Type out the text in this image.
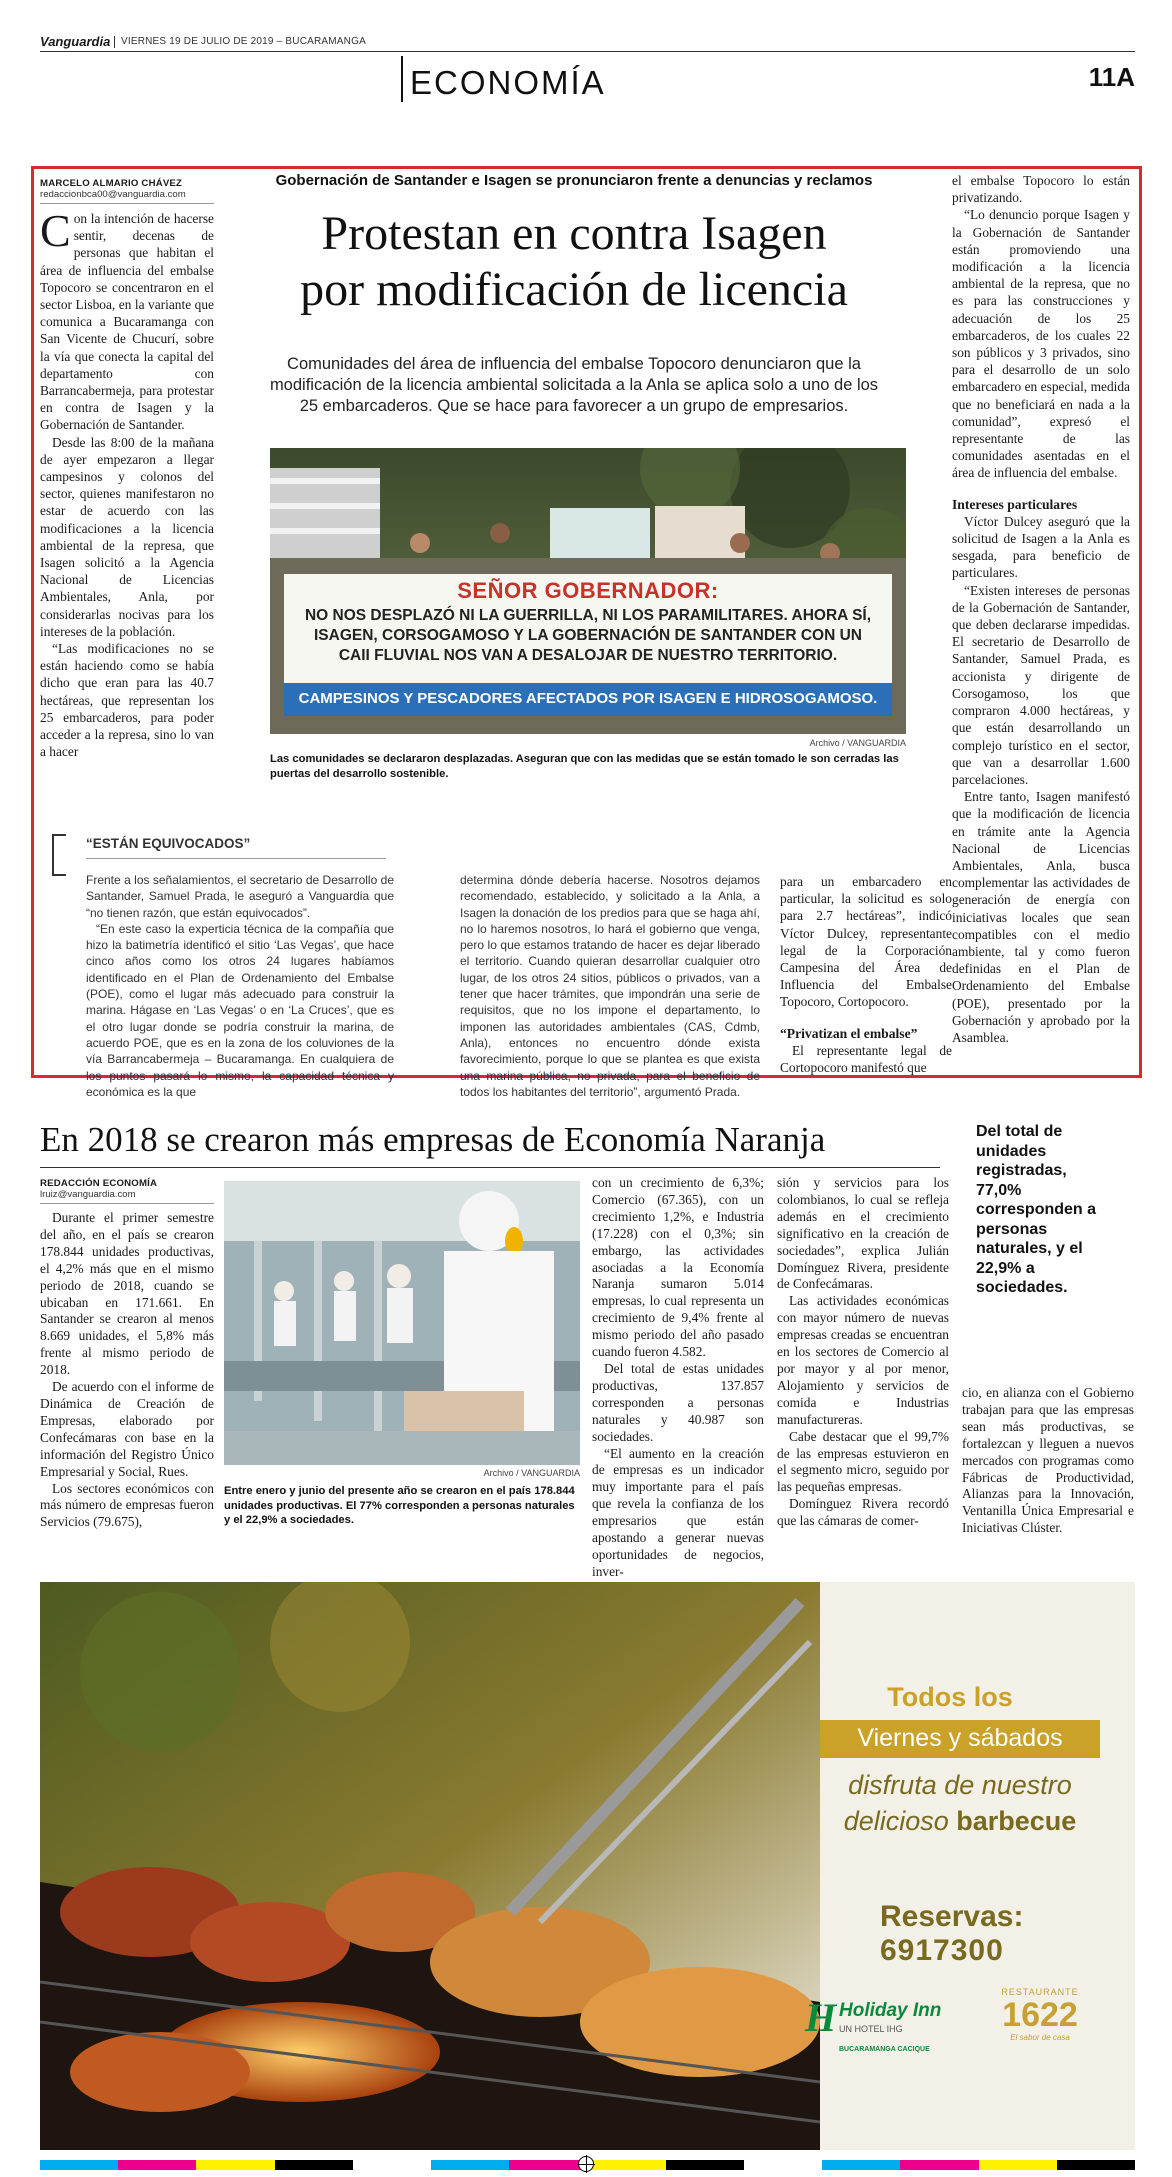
Vanguardia VIERNES 19 DE JULIO DE 2019 – BUCARAMANGA
ECONOMÍA	11A
MARCELO ALMARIO CHÁVEZ
redaccionbca00@vanguardia.com

Con la intención de hacerse sentir, decenas de personas que habitan el área de influencia del embalse Topocoro se concentraron en el sector Lisboa, en la variante que comunica a Bucaramanga con San Vicente de Chucurí, sobre la vía que conecta la capital del departamento con Barrancabermeja, para protestar en contra de Isagen y la Gobernación de Santander.

Desde las 8:00 de la mañana de ayer empezaron a llegar campesinos y colonos del sector, quienes manifestaron no estar de acuerdo con las modificaciones a la licencia ambiental de la represa, que Isagen solicitó a la Agencia Nacional de Licencias Ambientales, Anla, por considerarlas nocivas para los intereses de la población.

“Las modificaciones no se están haciendo como se había dicho que eran para las 40.7 hectáreas, que representan los 25 embarcaderos, para poder acceder a la represa, sino lo van a hacer

Gobernación de Santander e Isagen se pronunciaron frente a denuncias y reclamos
Protestan en contra Isagen
por modificación de licencia
Comunidades del área de influencia del embalse Topocoro denunciaron que la modificación de la licencia ambiental solicitada a la Anla se aplica solo a uno de los 25 embarcaderos. Que se hace para favorecer a un grupo de empresarios.
SEÑOR GOBERNADOR:
NO NOS DESPLAZÓ NI LA GUERRILLA, NI LOS PARAMILITARES. AHORA SÍ,
ISAGEN, CORSOGAMOSO Y LA GOBERNACIÓN DE SANTANDER CON UN
CAII FLUVIAL NOS VAN A DESALOJAR DE NUESTRO TERRITORIO.
CAMPESINOS Y PESCADORES AFECTADOS POR ISAGEN E HIDROSOGAMOSO.
Archivo / VANGUARDIA
Las comunidades se declararon desplazadas. Aseguran que con las medidas que se están tomado le son cerradas las puertas del desarrollo sostenible.

el embalse Topocoro lo están privatizando.

“Lo denuncio porque Isagen y la Gobernación de Santander están promoviendo una modificación a la licencia ambiental de la represa, que no es para las construcciones y adecuación de los 25 embarcaderos, de los cuales 22 son públicos y 3 privados, sino para el desarrollo de un solo embarcadero en especial, medida que no beneficiará en nada a la comunidad”, expresó el representante de las comunidades asentadas en el área de influencia del embalse.

Intereses particulares

Víctor Dulcey aseguró que la solicitud de Isagen a la Anla es sesgada, para beneficio de particulares.

“Existen intereses de personas de la Gobernación de Santander, que deben declararse impedidas. El secretario de Desarrollo de Santander, Samuel Prada, es accionista y dirigente de Corsogamoso, los que compraron 4.000 hectáreas, y que están desarrollando un complejo turístico en el sector, que van a desarrollar 1.600 parcelaciones.

Entre tanto, Isagen manifestó que la modificación de licencia en trámite ante la Agencia Nacional de Licencias Ambientales, Anla, busca complementar las actividades de generación de energía con iniciativas locales que sean compatibles con el medio ambiente, tal y como fueron definidas en el Plan de Ordenamiento del Embalse (POE), presentado por la Gobernación y aprobado por la Asamblea.

“ESTÁN EQUIVOCADOS”

Frente a los señalamientos, el secretario de Desarrollo de Santander, Samuel Prada, le aseguró a Vanguardia que “no tienen razón, que están equivocados”.

“En este caso la experticia técnica de la compañía que hizo la batimetría identificó el sitio ‘Las Vegas’, que hace cinco años como los otros 24 lugares habíamos identificado en el Plan de Ordenamiento del Embalse (POE), como el lugar más adecuado para construir la marina. Hágase en ‘Las Vegas’ o en ‘La Cruces’, que es el otro lugar donde se podría construir la marina, de acuerdo POE, que es en la zona de los coluviones de la vía Barrancabermeja – Bucaramanga. En cualquiera de los puntos pasará lo mismo, la capacidad técnica y económica es la que

determina dónde debería hacerse. Nosotros dejamos recomendado, establecido, y solicitado a la Anla, a Isagen la donación de los predios para que se haga ahí, no lo haremos nosotros, lo hará el gobierno que venga, pero lo que estamos tratando de hacer es dejar liberado el territorio. Cuando quieran desarrollar cualquier otro lugar, de los otros 24 sitios, públicos o privados, van a tener que hacer trámites, que impondrán una serie de requisitos, que no los impone el departamento, lo imponen las autoridades ambientales (CAS, Cdmb, Anla), entonces no encuentro dónde exista favorecimiento, porque lo que se plantea es que exista una marina pública, no privada, para el beneficio de todos los habitantes del territorio”, argumentó Prada.

para un embarcadero en particular, la solicitud es solo para 2.7 hectáreas”, indicó Víctor Dulcey, representante legal de la Corporación Campesina del Área de Influencia del Embalse Topocoro, Cortopocoro.

“Privatizan el embalse”

El representante legal de Cortopocoro manifestó que

En 2018 se crearon más empresas de Economía Naranja
REDACCIÓN ECONOMÍA
lruiz@vanguardia.com

Durante el primer semestre del año, en el país se crearon 178.844 unidades productivas, el 4,2% más que en el mismo periodo de 2018, cuando se ubicaban en 171.661. En Santander se crearon al menos 8.669 unidades, el 5,8% más frente al mismo periodo de 2018.

De acuerdo con el informe de Dinámica de Creación de Empresas, elaborado por Confecámaras con base en la información del Registro Único Empresarial y Social, Rues.

Los sectores económicos con más número de empresas fueron Servicios (79.675),

Archivo / VANGUARDIA
Entre enero y junio del presente año se crearon en el país 178.844 unidades productivas. El 77% corresponden a personas naturales y el 22,9% a sociedades.

con un crecimiento de 6,3%; Comercio (67.365), con un crecimiento 1,2%, e Industria (17.228) con el 0,3%; sin embargo, las actividades asociadas a la Economía Naranja sumaron 5.014 empresas, lo cual representa un crecimiento de 9,4% frente al mismo periodo del año pasado cuando fueron 4.582.

Del total de estas unidades productivas, 137.857 corresponden a personas naturales y 40.987 son sociedades.

“El aumento en la creación de empresas es un indicador muy importante para el país que revela la confianza de los empresarios que están apostando a generar nuevas oportunidades de negocios, inver-

sión y servicios para los colombianos, lo cual se refleja además en el crecimiento significativo en la creación de sociedades”, explica Julián Domínguez Rivera, presidente de Confecámaras.

Las actividades económicas con mayor número de nuevas empresas creadas se encuentran en los sectores de Comercio al por mayor y al por menor, Alojamiento y servicios de comida e Industrias manufactureras.

Cabe destacar que el 99,7% de las empresas estuvieron en el segmento micro, seguido por las pequeñas empresas.

Domínguez Rivera recordó que las cámaras de comer-

Del total de unidades registradas, 77,0% corresponden a personas naturales, y el 22,9% a sociedades.

cio, en alianza con el Gobierno trabajan para que las empresas sean más productivas, se fortalezcan y lleguen a nuevos mercados con programas como Fábricas de Productividad, Alianzas para la Innovación, Ventanilla Única Empresarial e Iniciativas Clúster.

Todos los
Viernes y sábados
disfruta de nuestro
delicioso barbecue
Reservas:
6917300
H Holiday Inn
UN HOTEL IHG
BUCARAMANGA CACIQUE
RESTAURANTE
1622
El sabor de casa
